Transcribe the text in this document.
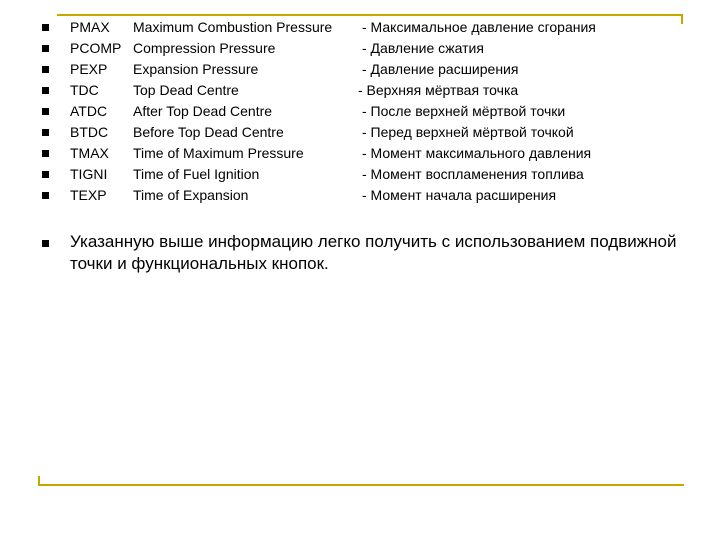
PMAX Maximum Combustion Pressure - Максимальное давление сгорания
PCOMP Compression Pressure	- Давление сжатия
PEXP Expansion Pressure	- Давление расширения
TDC Top Dead Centre	- Верхняя мёртвая точка
ATDC After Top Dead Centre	- После верхней мёртвой точки
BTDC Before Top Dead Centre	- Перед верхней мёртвой точкой
TMAX Time of Maximum Pressure	- Момент максимального давления
TIGNI Time of Fuel Ignition	- Момент воспламенения топлива
TEXP Time of Expansion	- Момент начала расширения
Указанную выше информацию легко получить с использованием подвижной точки и функциональных кнопок.
